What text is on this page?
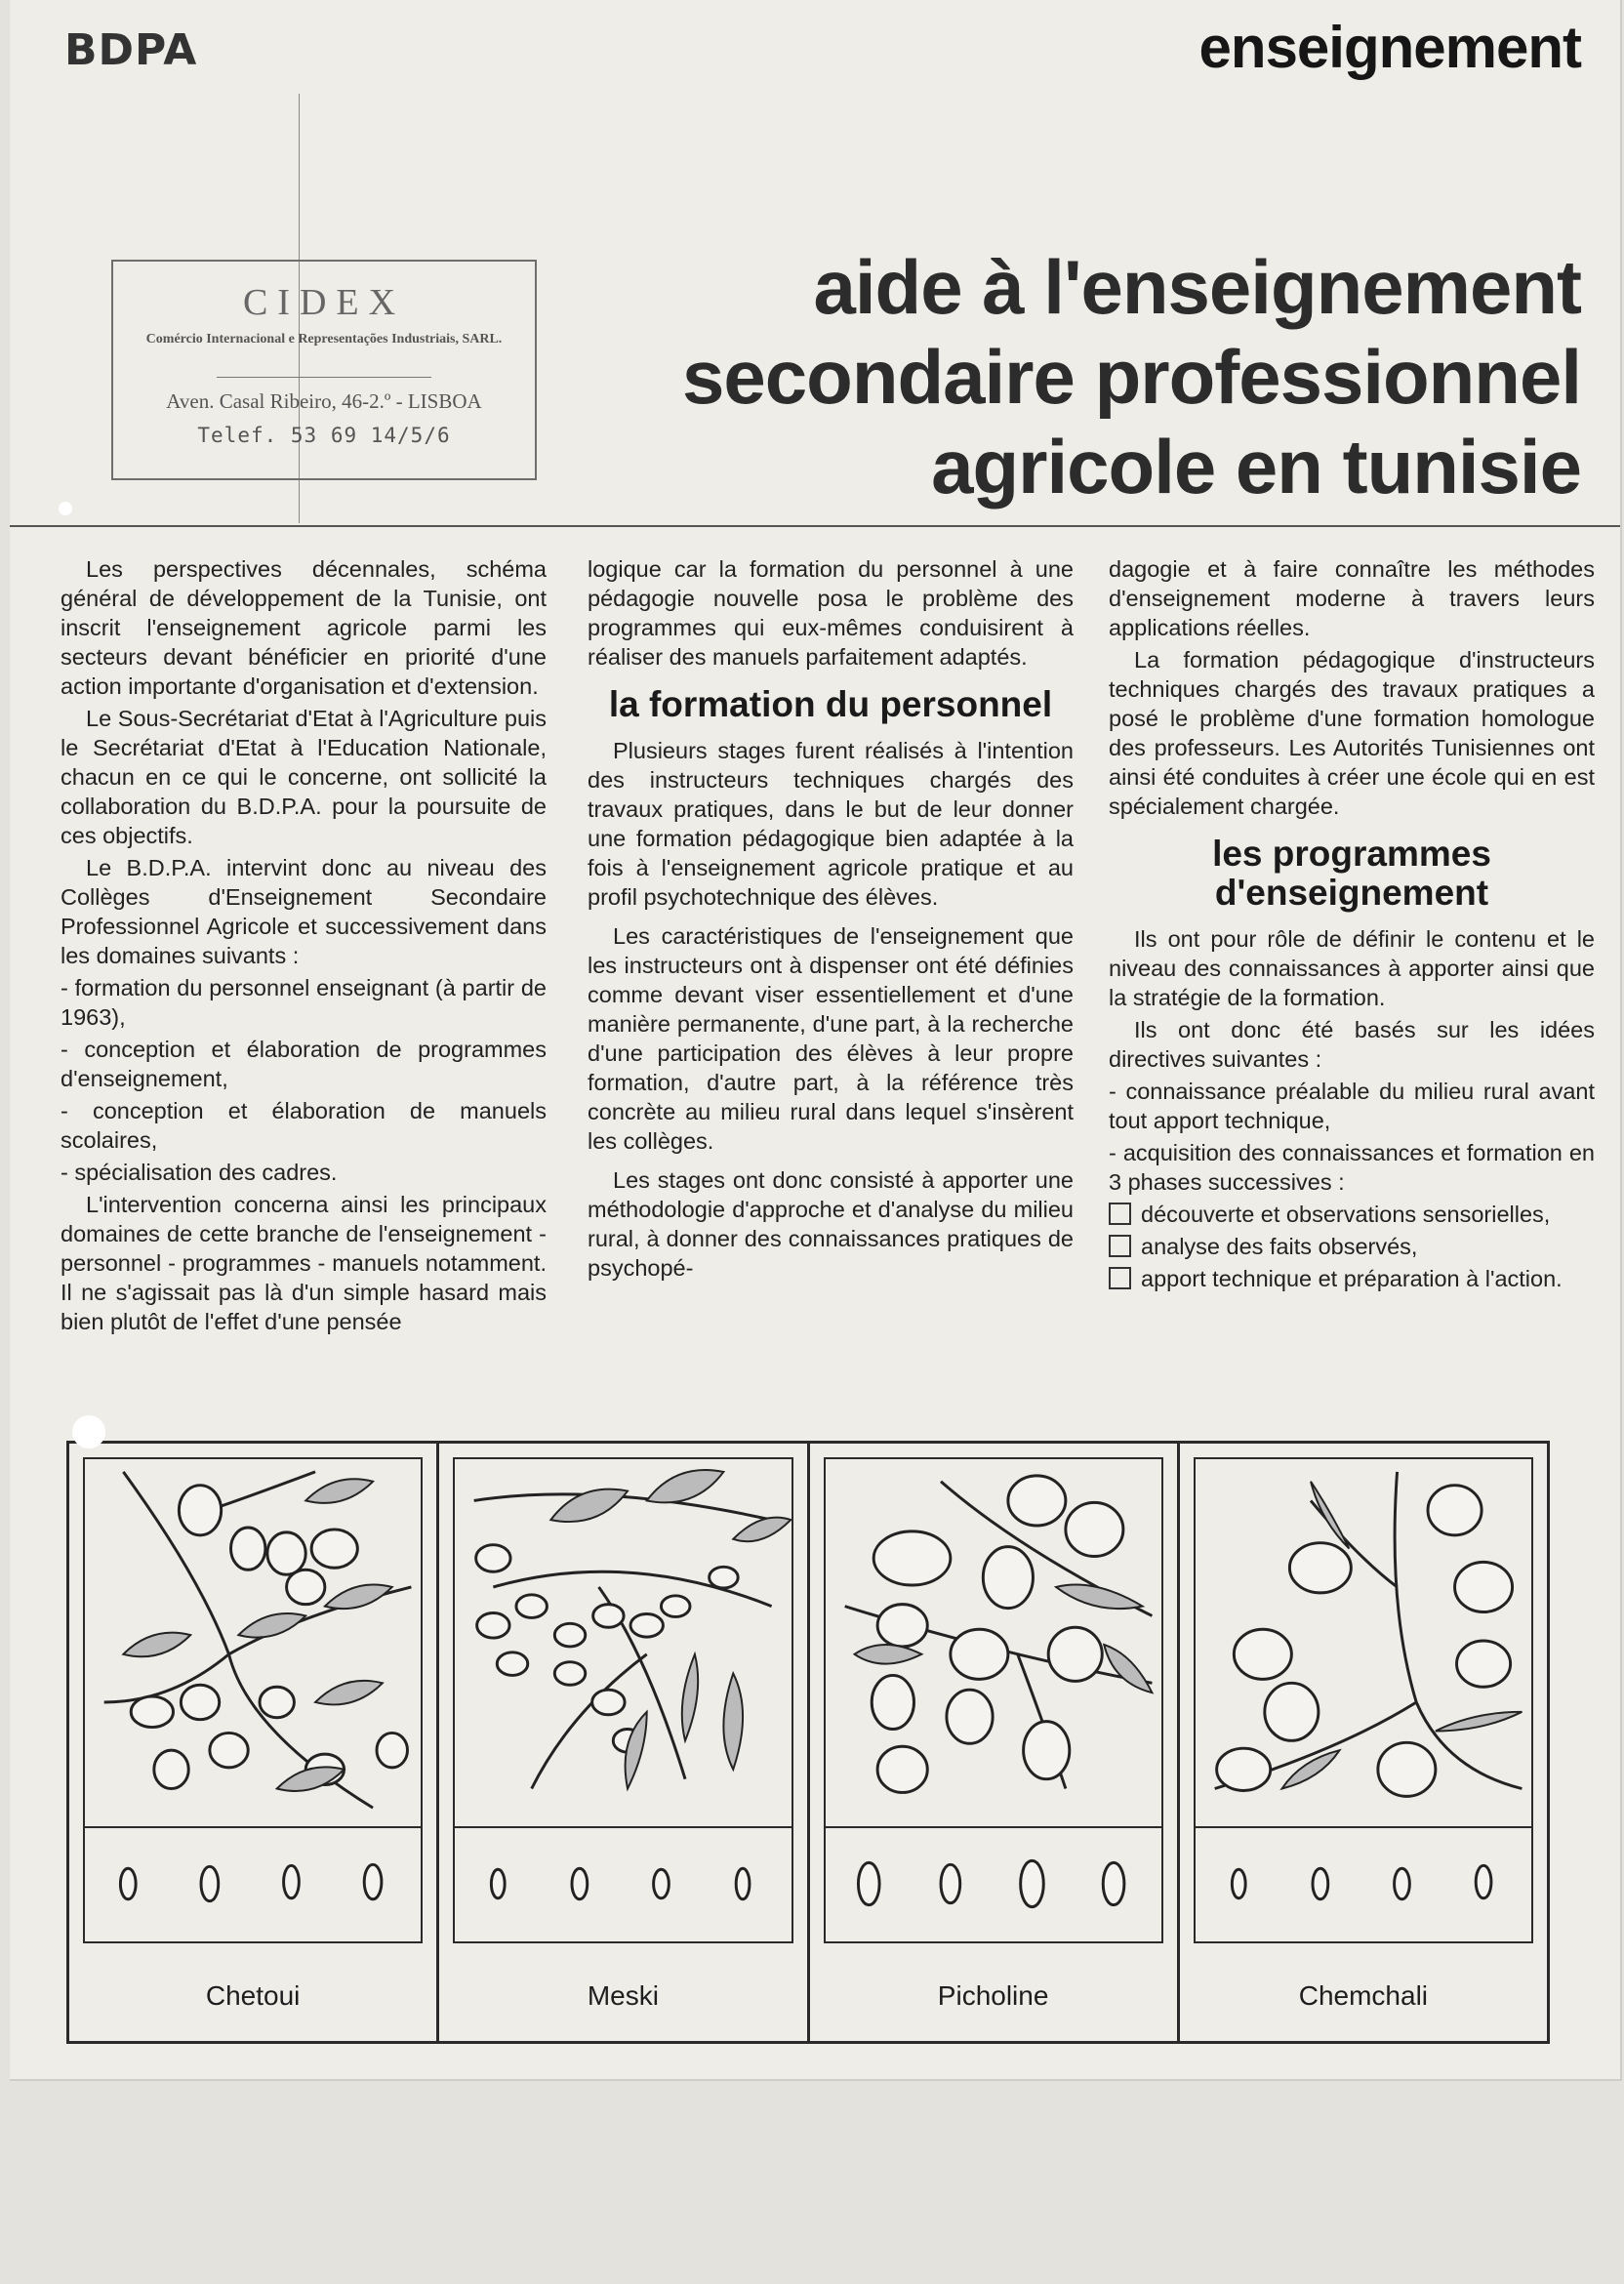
BDPA	enseignement
CIDEX
Comércio Internacional e Representações Industriais, SARL.
Aven. Casal Ribeiro, 46-2.º - LISBOA
Telef. 53 69 14/5/6
aide à l'enseignement
secondaire professionnel
agricole en tunisie

Les perspectives décennales, schéma général de développement de la Tunisie, ont inscrit l'enseignement agricole parmi les secteurs devant bénéficier en priorité d'une action importante d'organisation et d'extension.

Le Sous-Secrétariat d'Etat à l'Agriculture puis le Secrétariat d'Etat à l'Education Nationale, chacun en ce qui le concerne, ont sollicité la collaboration du B.D.P.A. pour la poursuite de ces objectifs.

Le B.D.P.A. intervint donc au niveau des Collèges d'Enseignement Secondaire Professionnel Agricole et successivement dans les domaines suivants :

- formation du personnel enseignant (à partir de 1963),

- conception et élaboration de programmes d'enseignement,

- conception et élaboration de manuels scolaires,

- spécialisation des cadres.

L'intervention concerna ainsi les principaux domaines de cette branche de l'enseignement - personnel - programmes - manuels notamment. Il ne s'agissait pas là d'un simple hasard mais bien plutôt de l'effet d'une pensée

logique car la formation du personnel à une pédagogie nouvelle posa le problème des programmes qui eux-mêmes conduisirent à réaliser des manuels parfaitement adaptés.

la formation du personnel

Plusieurs stages furent réalisés à l'intention des instructeurs techniques chargés des travaux pratiques, dans le but de leur donner une formation pédagogique bien adaptée à la fois à l'enseignement agricole pratique et au profil psychotechnique des élèves.

Les caractéristiques de l'enseignement que les instructeurs ont à dispenser ont été définies comme devant viser essentiellement et d'une manière permanente, d'une part, à la recherche d'une participation des élèves à leur propre formation, d'autre part, à la référence très concrète au milieu rural dans lequel s'insèrent les collèges.

Les stages ont donc consisté à apporter une méthodologie d'approche et d'analyse du milieu rural, à donner des connaissances pratiques de psychopé-

dagogie et à faire connaître les méthodes d'enseignement moderne à travers leurs applications réelles.

La formation pédagogique d'instructeurs techniques chargés des travaux pratiques a posé le problème d'une formation homologue des professeurs. Les Autorités Tunisiennes ont ainsi été conduites à créer une école qui en est spécialement chargée.

les programmes d'enseignement

Ils ont pour rôle de définir le contenu et le niveau des connaissances à apporter ainsi que la stratégie de la formation.

Ils ont donc été basés sur les idées directives suivantes :

- connaissance préalable du milieu rural avant tout apport technique,

- acquisition des connaissances et formation en 3 phases successives :

découverte et observations sensorielles,

analyse des faits observés,

apport technique et préparation à l'action.

Chetoui	Meski	Picholine	Chemchali
